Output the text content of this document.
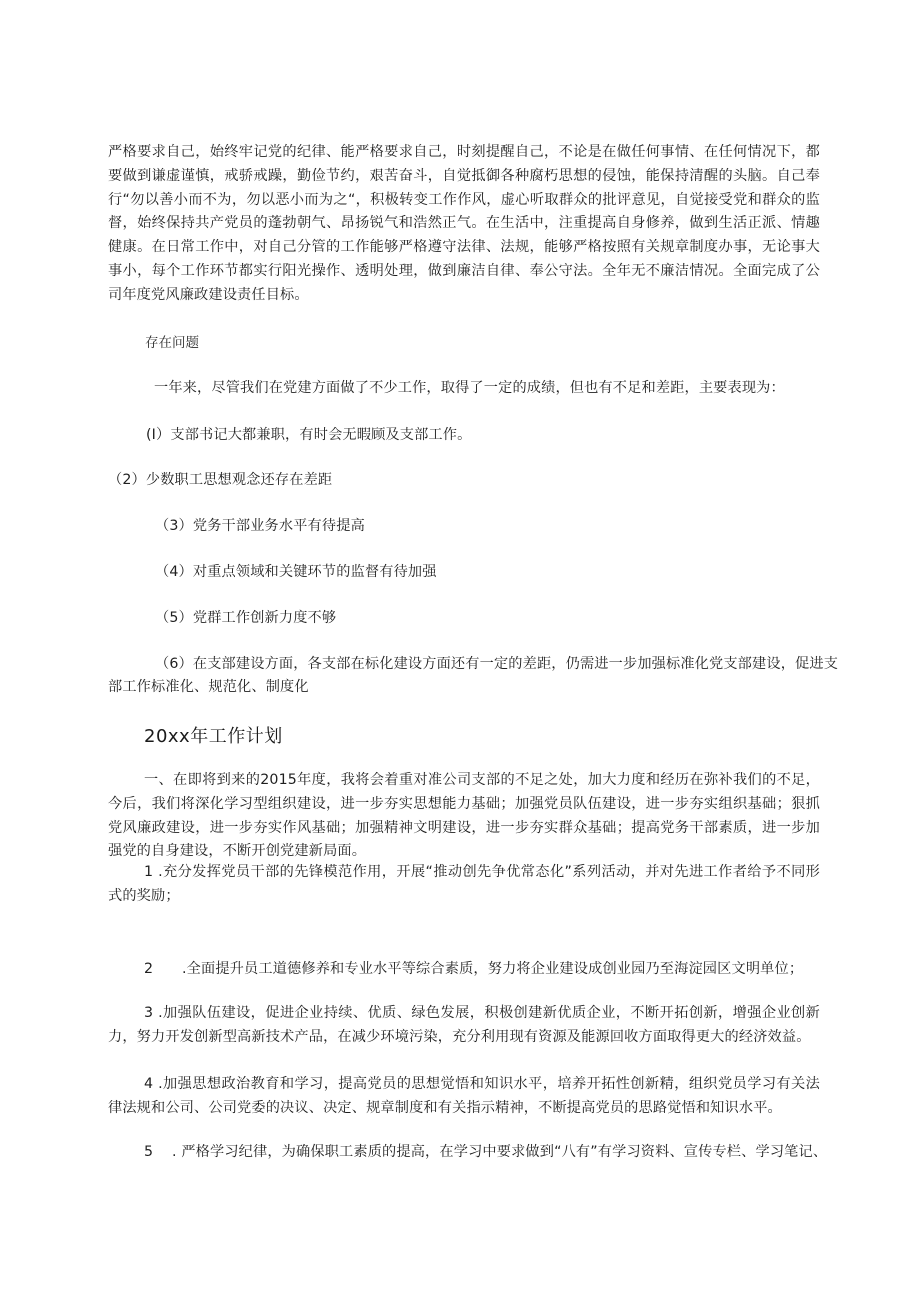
严格要求自己，始终牢记党的纪律、能严格要求自己，时刻提醒自己，不论是在做任何事情、在任何情况下，都要做到谦虚谨慎，戒骄戒躁，勤俭节约，艰苦奋斗，自觉抵御各种腐朽思想的侵蚀，能保持清醒的头脑。自己奉行“勿以善小而不为，勿以恶小而为之“，积极转变工作作风，虚心听取群众的批评意见，自觉接受党和群众的监督，始终保持共产党员的蓬勃朝气、昂扬锐气和浩然正气。在生活中，注重提高自身修养，做到生活正派、情趣健康。在日常工作中，对自己分管的工作能够严格遵守法律、法规，能够严格按照有关规章制度办事，无论事大事小，每个工作环节都实行阳光操作、透明处理，做到廉洁自律、奉公守法。全年无不廉洁情况。全面完成了公司年度党风廉政建设责任目标。
存在问题
一年来，尽管我们在党建方面做了不少工作，取得了一定的成绩，但也有不足和差距，主要表现为：
(I）支部书记大都兼职，有时会无暇顾及支部工作。
（2）少数职工思想观念还存在差距
（3）党务干部业务水平有待提高
（4）对重点领域和关键环节的监督有待加强
（5）党群工作创新力度不够
（6）在支部建设方面，各支部在标化建设方面还有一定的差距，仍需进一步加强标准化党支部建设，促进支
部工作标准化、规范化、制度化
20xx年工作计划
一、在即将到来的2015年度，我将会着重对准公司支部的不足之处，加大力度和经历在弥补我们的不足，今后，我们将深化学习型组织建设，进一步夯实思想能力基础；加强党员队伍建设，进一步夯实组织基础；狠抓党风廉政建设，进一步夯实作风基础；加强精神文明建设，进一步夯实群众基础；提高党务干部素质，进一步加强党的自身建设，不断开创党建新局面。
1 .充分发挥党员干部的先锋模范作用，开展“推动创先争优常态化”系列活动，并对先进工作者给予不同形式的奖励；
2 .全面提升员工道德修养和专业水平等综合素质，努力将企业建设成创业园乃至海淀园区文明单位；
3 .加强队伍建设，促进企业持续、优质、绿色发展，积极创建新优质企业，不断开拓创新，增强企业创新力，努力开发创新型高新技术产品，在减少环境污染，充分利用现有资源及能源回收方面取得更大的经济效益。
4 .加强思想政治教育和学习，提高党员的思想觉悟和知识水平，培养开拓性创新精，组织党员学习有关法律法规和公司、公司党委的决议、决定、规章制度和有关指示精神，不断提高党员的思路觉悟和知识水平。
5 . 严格学习纪律，为确保职工素质的提高，在学习中要求做到“八有”有学习资料、宣传专栏、学习笔记、
